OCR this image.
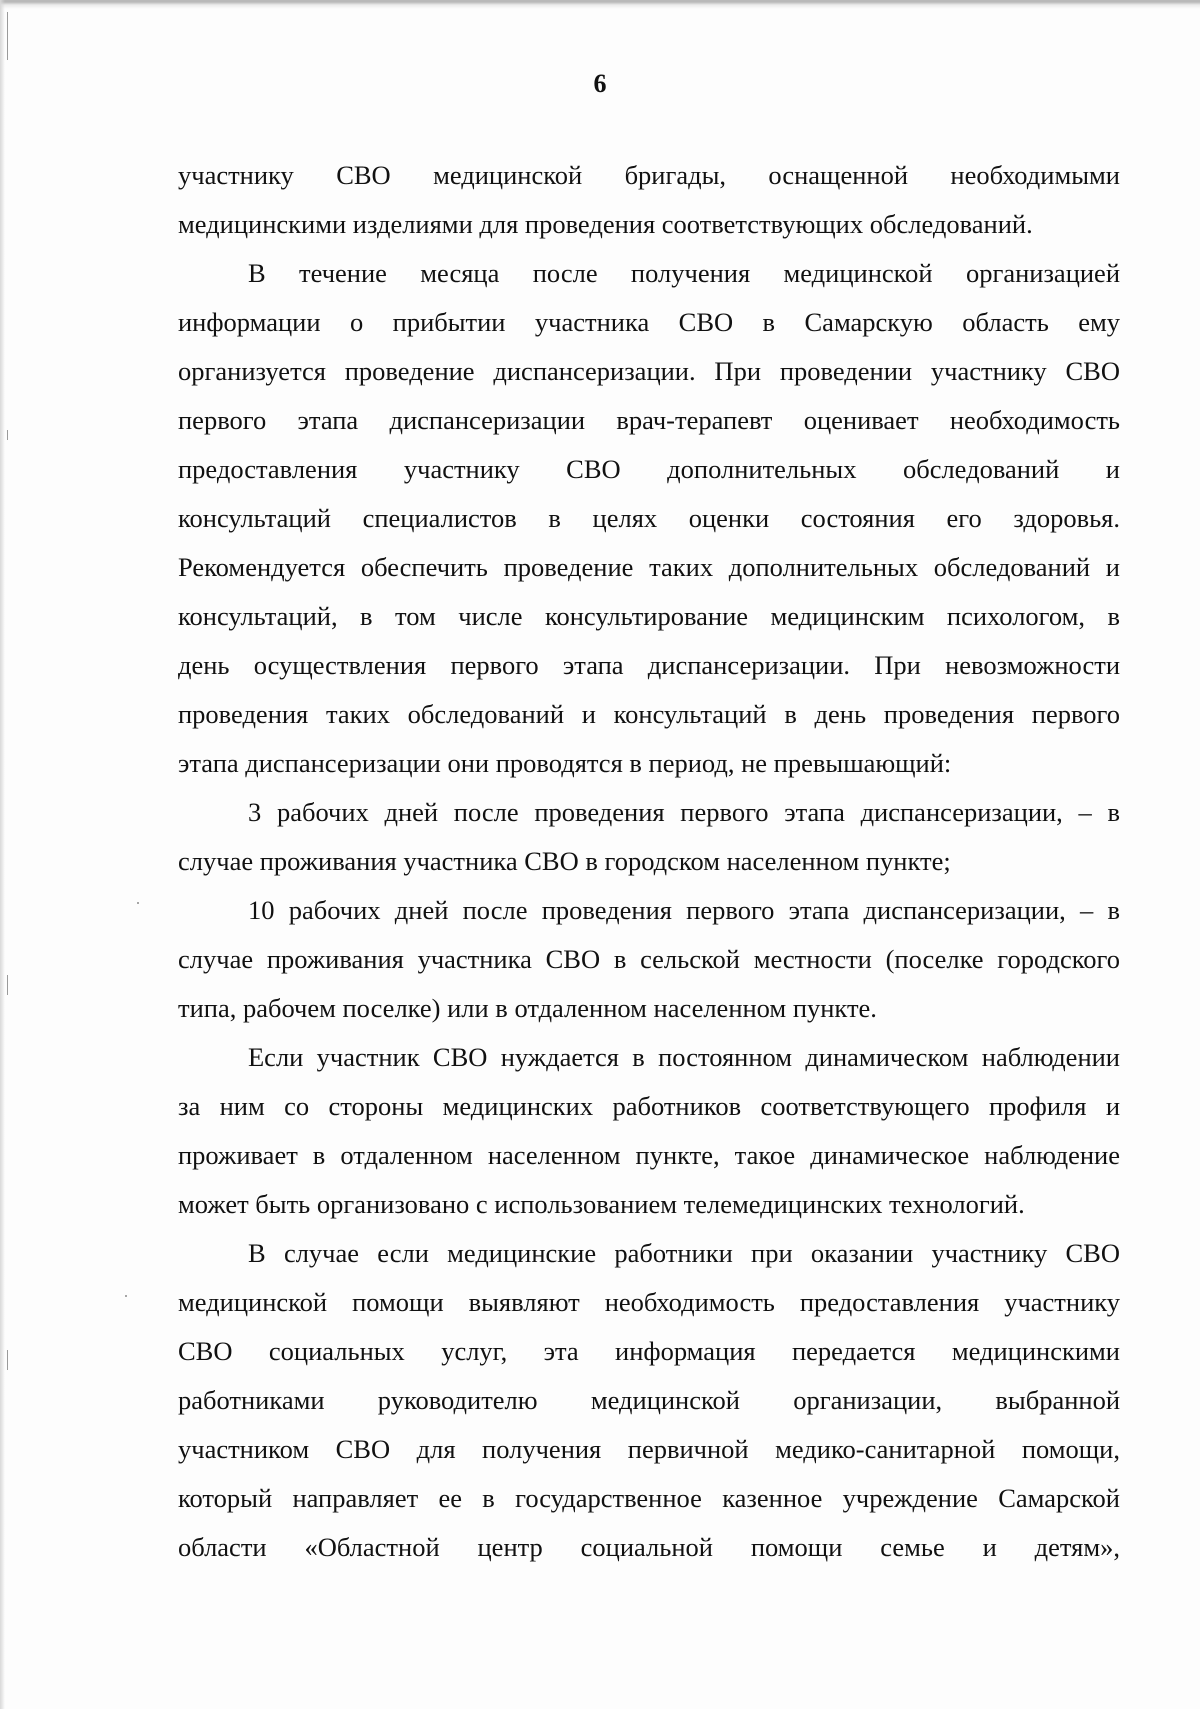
6
участнику СВО медицинской бригады, оснащенной необходимыми
медицинскими изделиями для проведения соответствующих обследований.
В течение месяца после получения медицинской организацией
информации о прибытии участника СВО в Самарскую область ему
организуется проведение диспансеризации. При проведении участнику СВО
первого этапа диспансеризации врач-терапевт оценивает необходимость
предоставления участнику СВО дополнительных обследований и
консультаций специалистов в целях оценки состояния его здоровья.
Рекомендуется обеспечить проведение таких дополнительных обследований и
консультаций, в том числе консультирование медицинским психологом, в
день осуществления первого этапа диспансеризации. При невозможности
проведения таких обследований и консультаций в день проведения первого
этапа диспансеризации они проводятся в период, не превышающий:
3 рабочих дней после проведения первого этапа диспансеризации, – в
случае проживания участника СВО в городском населенном пункте;
10 рабочих дней после проведения первого этапа диспансеризации, – в
случае проживания участника СВО в сельской местности (поселке городского
типа, рабочем поселке) или в отдаленном населенном пункте.
Если участник СВО нуждается в постоянном динамическом наблюдении
за ним со стороны медицинских работников соответствующего профиля и
проживает в отдаленном населенном пункте, такое динамическое наблюдение
может быть организовано с использованием телемедицинских технологий.
В случае если медицинские работники при оказании участнику СВО
медицинской помощи выявляют необходимость предоставления участнику
СВО социальных услуг, эта информация передается медицинскими
работниками руководителю медицинской организации, выбранной
участником СВО для получения первичной медико-санитарной помощи,
который направляет ее в государственное казенное учреждение Самарской
области «Областной центр социальной помощи семье и детям»,
